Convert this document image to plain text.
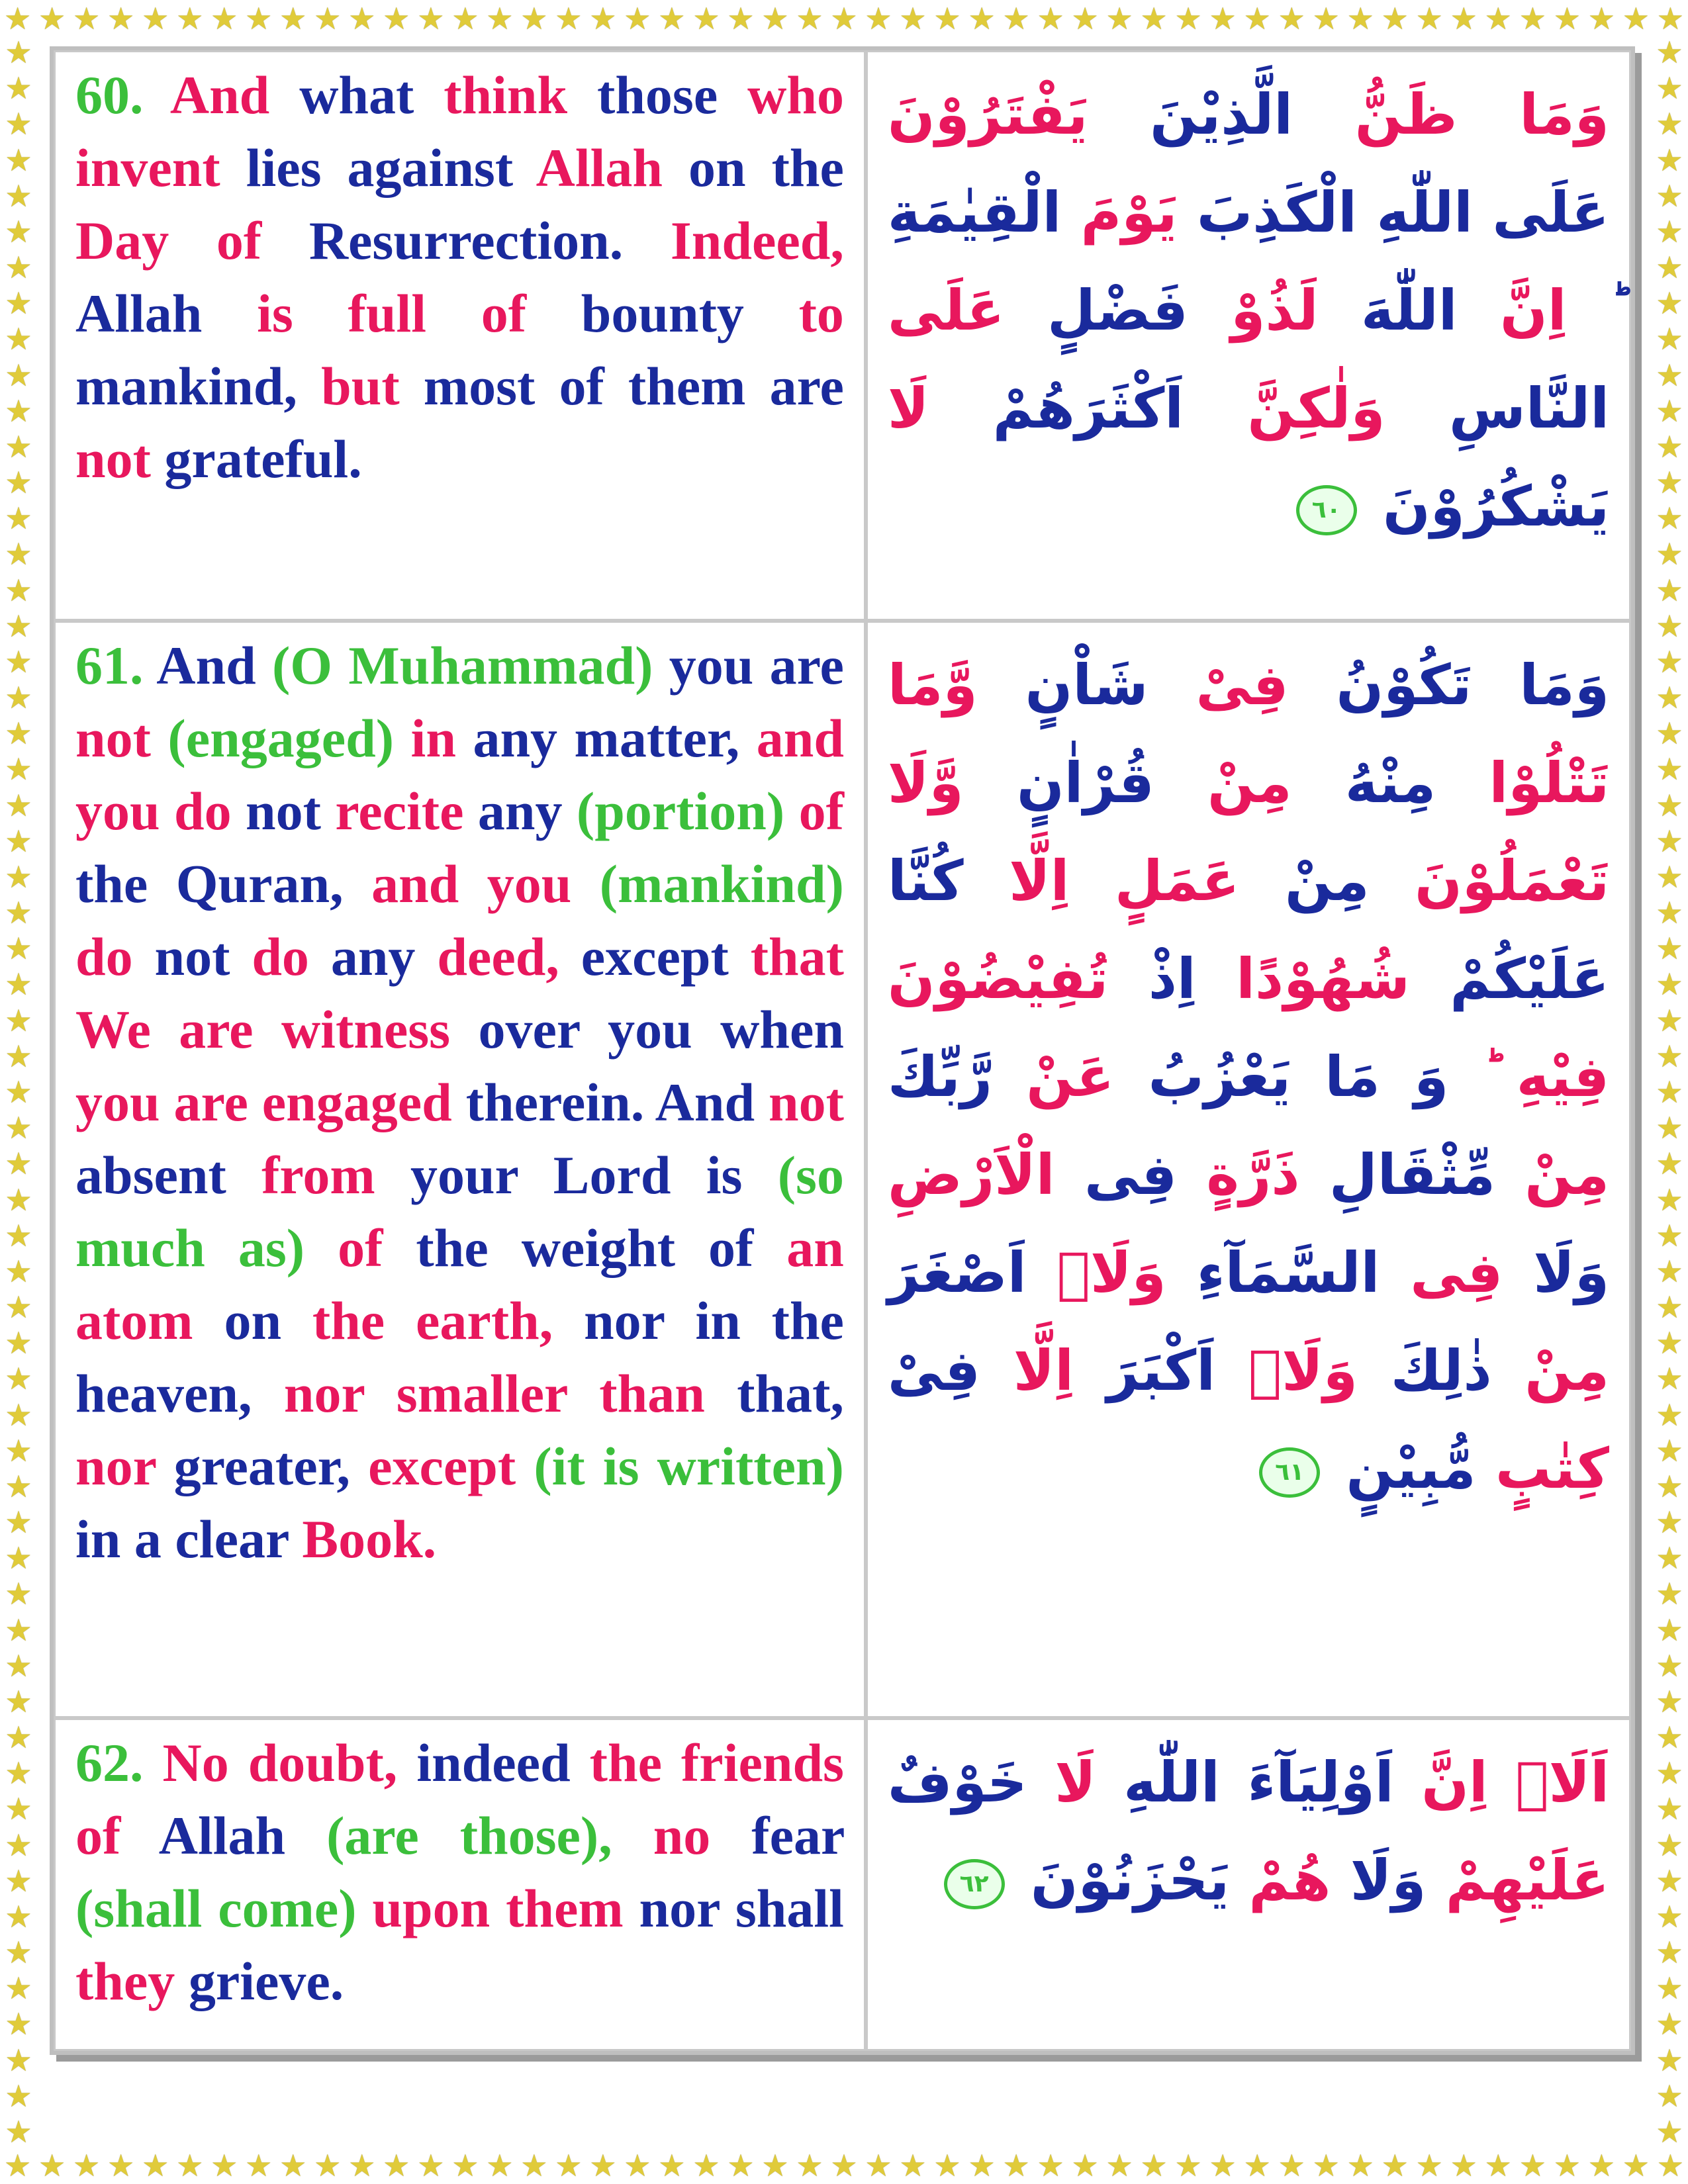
★ ★ ★ ★ ★ ★ ★ ★ ★ ★ ★ ★ ★ ★ ★ ★ ★ ★ ★ ★ ★ ★ ★ ★ ★ ★ ★ ★ ★ ★ ★ ★ ★ ★ ★ ★ ★ ★ ★ ★ ★ ★ ★ ★ ★ ★ ★ ★ ★
★ ★ ★ ★ ★ ★ ★ ★ ★ ★ ★ ★ ★ ★ ★ ★ ★ ★ ★ ★ ★ ★ ★ ★ ★ ★ ★ ★ ★ ★ ★ ★ ★ ★ ★ ★ ★ ★ ★ ★ ★ ★ ★ ★ ★ ★ ★ ★ ★
★
★
★
★
★
★
★
★
★
★
★
★
★
★
★
★
★
★
★
★
★
★
★
★
★
★
★
★
★
★
★
★
★
★
★
★
★
★
★
★
★
★
★
★
★
★
★
★
★
★
★
★
★
★
★
★
★
★
★
★
★
★
★
★
★
★
★
★
★
★
★
★
★
★
★
★
★
★
★
★
★
★
★
★
★
★
★
★
★
★
★
★
★
★
★
★
★
★
★
★
★
★
★
★
★
★
★
★
★
★
★
★
★
★
★
★
★
★
60. And what think those who invent lies against Allah on the Day of Resurrection. Indeed, Allah is full of bounty to mankind, but most of them are not grateful.
وَمَا ظَنُّ الَّذِيْنَ يَفْتَرُوْنَ عَلَى اللّٰهِ الْكَذِبَ يَوْمَ الْقِيٰمَةِ اِنَّ اللّٰهَ لَذُوْ فَضْلٍ عَلَى النَّاسِ وَلٰكِنَّ اَكْثَرَهُمْ لَا يَشْكُرُوْنَ ٦٠
61. And (O Muhammad) you are not (engaged) in any matter, and you do not recite any (portion) of the Quran, and you (mankind) do not do any deed, except that We are witness over you when you are engaged therein. And not absent from your Lord is (so much as) of the weight of an atom on the earth, nor in the heaven, nor smaller than that, nor greater, except (it is written) in a clear Book.
وَمَا تَكُوْنُ فِىْ شَاْنٍ وَّمَا تَتْلُوْا مِنْهُ مِنْ قُرْاٰنٍ وَّلَا تَعْمَلُوْنَ مِنْ عَمَلٍ اِلَّا كُنَّا عَلَيْكُمْ شُهُوْدًا اِذْ تُفِيْضُوْنَ فِيْهِ ؕ وَ مَا يَعْزُبُ عَنْ رَّبِّكَ مِنْ مِّثْقَالِ ذَرَّةٍ فِى الْاَرْضِ وَلَا فِى السَّمَآءِ وَلَاۤ اَصْغَرَ مِنْ ذٰلِكَ وَلَاۤ اَكْبَرَ اِلَّا فِىْ كِتٰبٍ مُّبِيْنٍ ٦١
62. No doubt, indeed the friends of Allah (are those), no fear (shall come) upon them nor shall they grieve.
اَلَاۤ اِنَّ اَوْلِيَآءَ اللّٰهِ لَا خَوْفٌ عَلَيْهِمْ وَلَا هُمْ يَحْزَنُوْنَ ٦٢
